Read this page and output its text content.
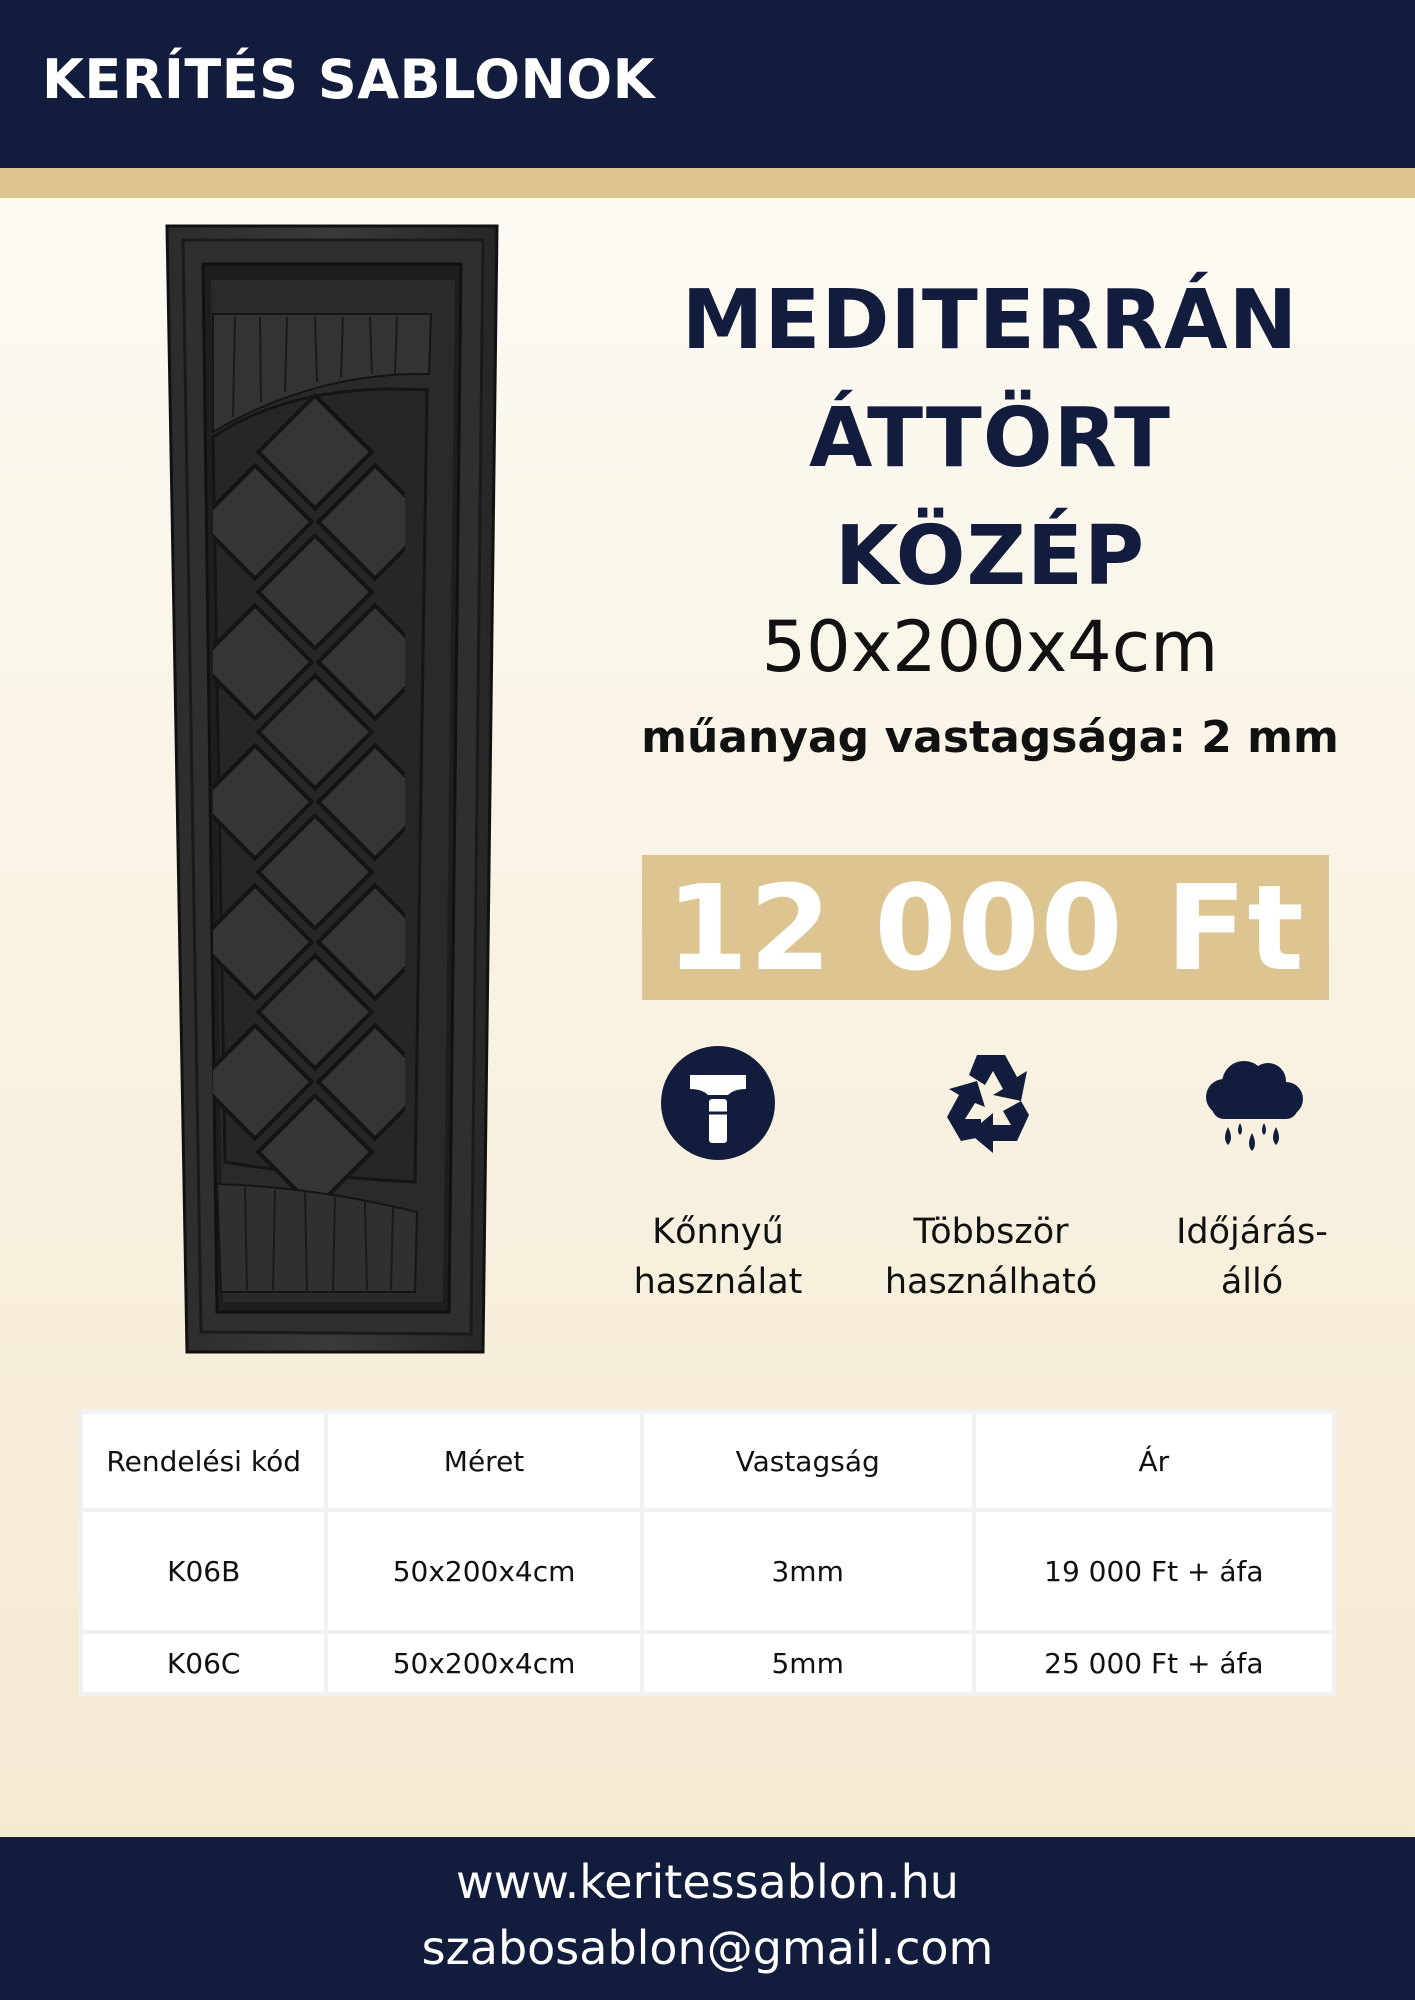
KERÍTÉS SABLONOK
MEDITERRÁN
ÁTTÖRT
KÖZÉP
50x200x4cm
műanyag vastagsága: 2 mm
12 000 Ft
Kőnnyű
használat
Többször
használható
Időjárás-
álló
Rendelési kód	Méret	Vastagság	Ár
K06B	50x200x4cm	3mm	19 000 Ft + áfa
K06C	50x200x4cm	5mm	25 000 Ft + áfa
www.keritessablon.hu
szabosablon@gmail.com
